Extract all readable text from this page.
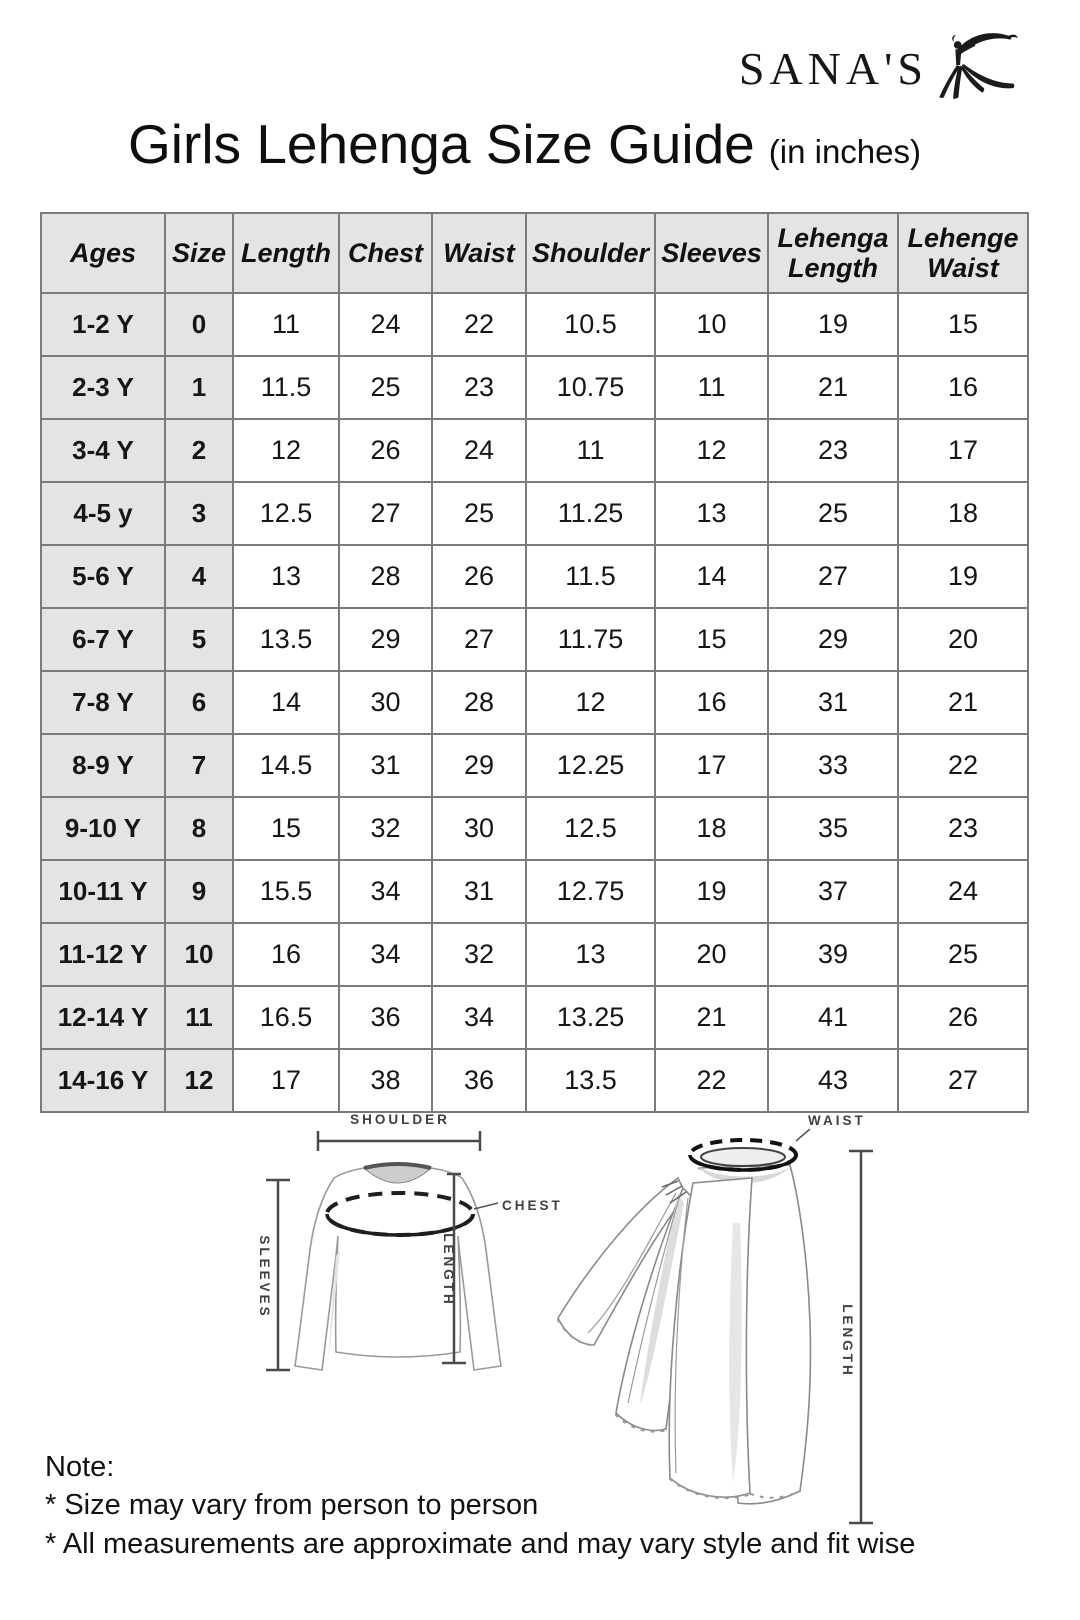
SANA'S
Girls Lehenga Size Guide (in inches)
Ages	Size	Length	Chest	Waist	Shoulder	Sleeves	Lehenga Length	Lehenge Waist
1-2 Y	0	11	24	22	10.5	10	19	15
2-3 Y	1	11.5	25	23	10.75	11	21	16
3-4 Y	2	12	26	24	11	12	23	17
4-5 y	3	12.5	27	25	11.25	13	25	18
5-6 Y	4	13	28	26	11.5	14	27	19
6-7 Y	5	13.5	29	27	11.75	15	29	20
7-8 Y	6	14	30	28	12	16	31	21
8-9 Y	7	14.5	31	29	12.25	17	33	22
9-10 Y	8	15	32	30	12.5	18	35	23
10-11 Y	9	15.5	34	31	12.75	19	37	24
11-12 Y	10	16	34	32	13	20	39	25
12-14 Y	11	16.5	36	34	13.25	21	41	26
14-16 Y	12	17	38	36	13.5	22	43	27
SHOULDER
CHEST
LENGTH
SLEEVES
WAIST
LENGTH

Note:

* Size may vary from person to person

* All measurements are approximate and may vary style and fit wise
